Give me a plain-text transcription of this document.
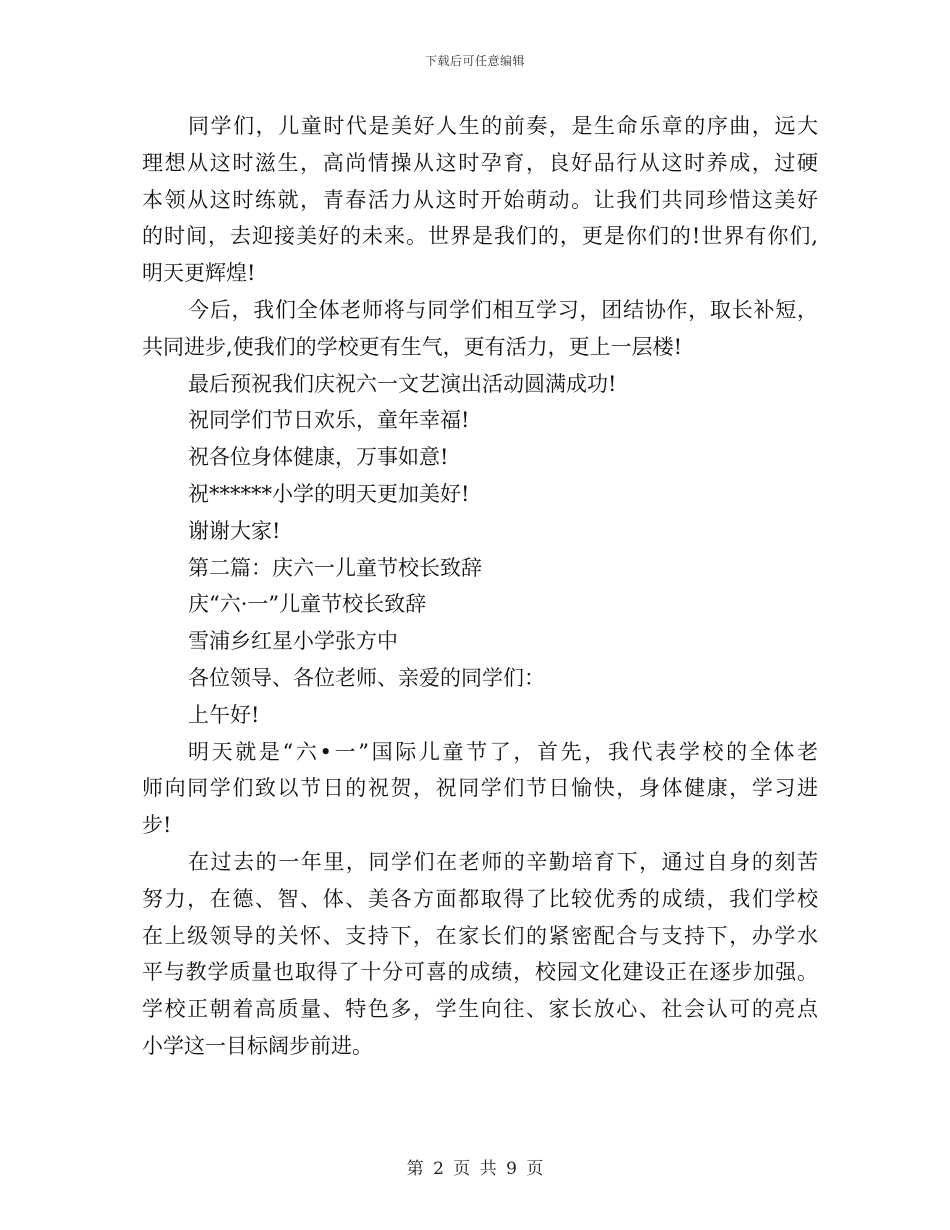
下载后可任意编辑
同学们，儿童时代是美好人生的前奏，是生命乐章的序曲，远大
理想从这时滋生，高尚情操从这时孕育，良好品行从这时养成，过硬
本领从这时练就，青春活力从这时开始萌动。让我们共同珍惜这美好
的时间，去迎接美好的未来。世界是我们的，更是你们的!世界有你们,
明天更辉煌!
今后，我们全体老师将与同学们相互学习，团结协作，取长补短，
共同进步,使我们的学校更有生气，更有活力，更上一层楼!
最后预祝我们庆祝六一文艺演出活动圆满成功!
祝同学们节日欢乐，童年幸福!
祝各位身体健康，万事如意!
祝******小学的明天更加美好!
谢谢大家!
第二篇：庆六一儿童节校长致辞
庆“六·一”儿童节校长致辞
雪浦乡红星小学张方中
各位领导、各位老师、亲爱的同学们：
上午好!
明天就是“六•一”国际儿童节了，首先，我代表学校的全体老
师向同学们致以节日的祝贺，祝同学们节日愉快，身体健康，学习进
步!
在过去的一年里，同学们在老师的辛勤培育下，通过自身的刻苦
努力，在德、智、体、美各方面都取得了比较优秀的成绩，我们学校
在上级领导的关怀、支持下，在家长们的紧密配合与支持下，办学水
平与教学质量也取得了十分可喜的成绩，校园文化建设正在逐步加强。
学校正朝着高质量、特色多，学生向往、家长放心、社会认可的亮点
小学这一目标阔步前进。
第 2 页 共 9 页
